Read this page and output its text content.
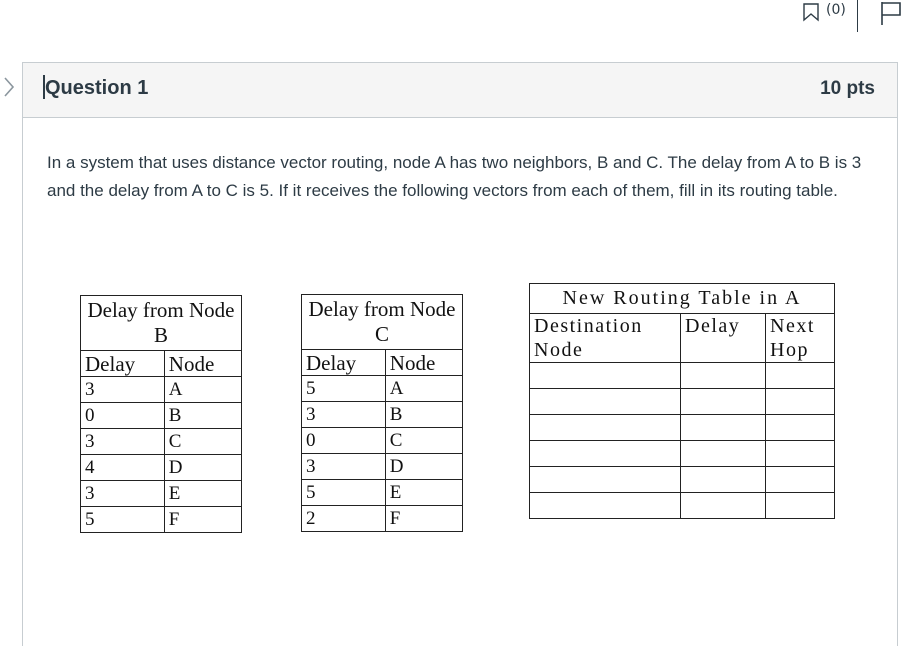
(0)
Question 1	10 pts
In a system that uses distance vector routing, node A has two neighbors, B and C. The delay from A to B is 3 and the delay from A to C is 5. If it receives the following vectors from each of them, fill in its routing table.
Delay from Node B	
Delay	Node
3	A
0	B
3	C
4	D
3	E
5	F
Delay from Node C	
Delay	Node
5	A
3	B
0	C
3	D
5	E
2	F
New Routing Table in A		
Destination Node	Delay	Next Hop
